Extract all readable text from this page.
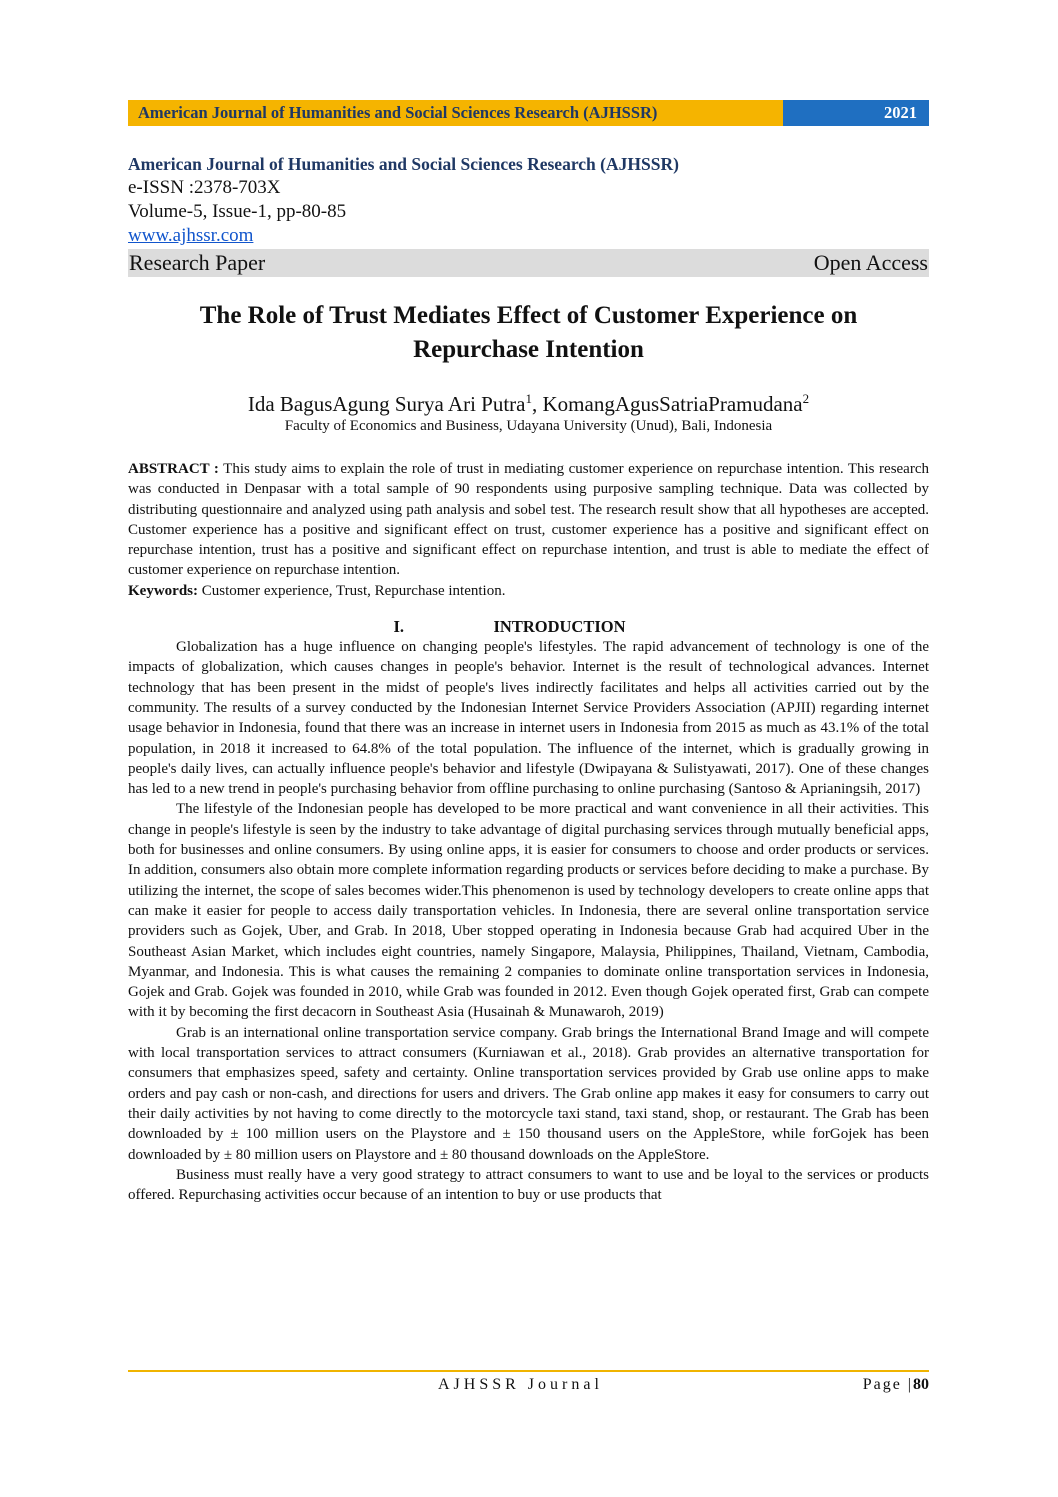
American Journal of Humanities and Social Sciences Research (AJHSSR)	2021
American Journal of Humanities and Social Sciences Research (AJHSSR)
e-ISSN :2378-703X
Volume-5, Issue-1, pp-80-85
www.ajhssr.com
Research Paper	Open Access
The Role of Trust Mediates Effect of Customer Experience on Repurchase Intention
Ida BagusAgung Surya Ari Putra$^1$, KomangAgusSatriaPramudana$^2$
Faculty of Economics and Business, Udayana University (Unud), Bali, Indonesia
ABSTRACT : This study aims to explain the role of trust in mediating customer experience on repurchase intention. This research was conducted in Denpasar with a total sample of 90 respondents using purposive sampling technique. Data was collected by distributing questionnaire and analyzed using path analysis and sobel test. The research result show that all hypotheses are accepted. Customer experience has a positive and significant effect on trust, customer experience has a positive and significant effect on repurchase intention, trust has a positive and significant effect on repurchase intention, and trust is able to mediate the effect of customer experience on repurchase intention.
Keywords: Customer experience, Trust, Repurchase intention.
I.	INTRODUCTION
Globalization has a huge influence on changing people's lifestyles. The rapid advancement of technology is one of the impacts of globalization, which causes changes in people's behavior. Internet is the result of technological advances. Internet technology that has been present in the midst of people's lives indirectly facilitates and helps all activities carried out by the community. The results of a survey conducted by the Indonesian Internet Service Providers Association (APJII) regarding internet usage behavior in Indonesia, found that there was an increase in internet users in Indonesia from 2015 as much as 43.1% of the total population, in 2018 it increased to 64.8% of the total population. The influence of the internet, which is gradually growing in people's daily lives, can actually influence people's behavior and lifestyle (Dwipayana & Sulistyawati, 2017). One of these changes has led to a new trend in people's purchasing behavior from offline purchasing to online purchasing (Santoso & Aprianingsih, 2017)
The lifestyle of the Indonesian people has developed to be more practical and want convenience in all their activities. This change in people's lifestyle is seen by the industry to take advantage of digital purchasing services through mutually beneficial apps, both for businesses and online consumers. By using online apps, it is easier for consumers to choose and order products or services. In addition, consumers also obtain more complete information regarding products or services before deciding to make a purchase. By utilizing the internet, the scope of sales becomes wider.This phenomenon is used by technology developers to create online apps that can make it easier for people to access daily transportation vehicles. In Indonesia, there are several online transportation service providers such as Gojek, Uber, and Grab. In 2018, Uber stopped operating in Indonesia because Grab had acquired Uber in the Southeast Asian Market, which includes eight countries, namely Singapore, Malaysia, Philippines, Thailand, Vietnam, Cambodia, Myanmar, and Indonesia. This is what causes the remaining 2 companies to dominate online transportation services in Indonesia, Gojek and Grab. Gojek was founded in 2010, while Grab was founded in 2012. Even though Gojek operated first, Grab can compete with it by becoming the first decacorn in Southeast Asia (Husainah & Munawaroh, 2019)
Grab is an international online transportation service company. Grab brings the International Brand Image and will compete with local transportation services to attract consumers (Kurniawan et al., 2018). Grab provides an alternative transportation for consumers that emphasizes speed, safety and certainty. Online transportation services provided by Grab use online apps to make orders and pay cash or non-cash, and directions for users and drivers. The Grab online app makes it easy for consumers to carry out their daily activities by not having to come directly to the motorcycle taxi stand, taxi stand, shop, or restaurant. The Grab has been downloaded by ± 100 million users on the Playstore and ± 150 thousand users on the AppleStore, while forGojek has been downloaded by ± 80 million users on Playstore and ± 80 thousand downloads on the AppleStore.
Business must really have a very good strategy to attract consumers to want to use and be loyal to the services or products offered. Repurchasing activities occur because of an intention to buy or use products that
AJHSSR Journal	Page |80
